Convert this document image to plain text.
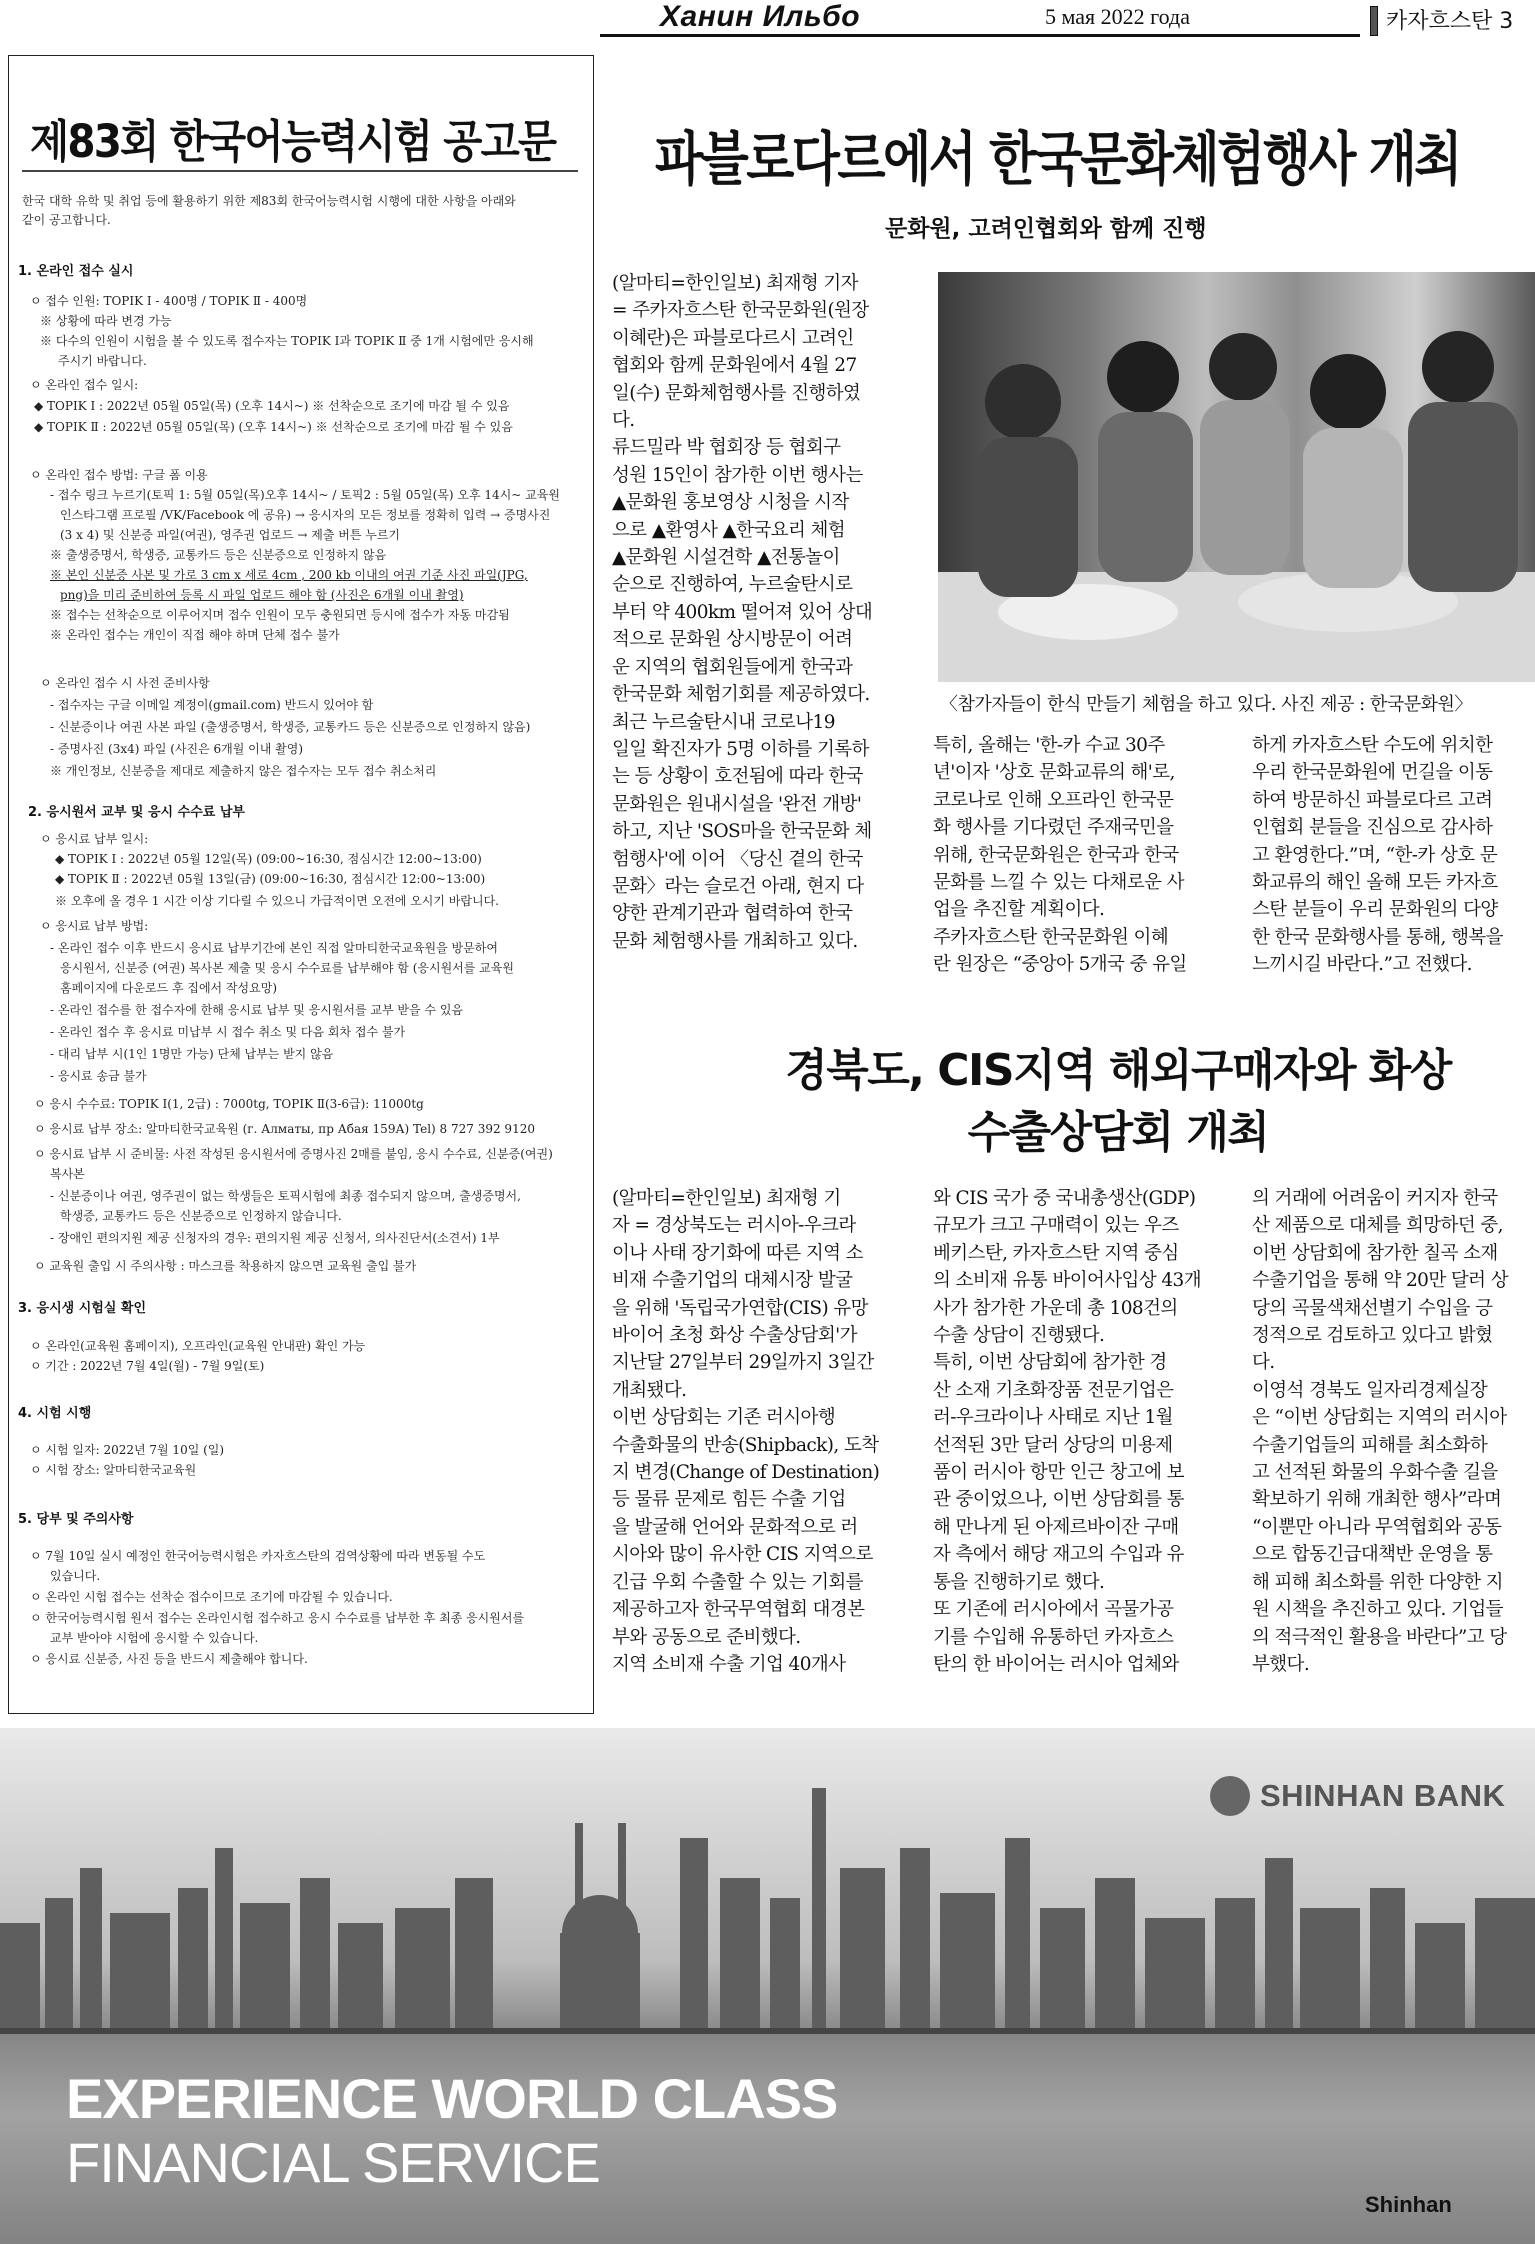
Ханин Ильбо	5 мая 2022 года	카자흐스탄 3
제83회 한국어능력시험 공고문
한국 대학 유학 및 취업 등에 활용하기 위한 제83회 한국어능력시험 시행에 대한 사항을 아래와
같이 공고합니다.
1. 온라인 접수 실시
ㅇ 접수 인원: TOPIK Ⅰ - 400명 / TOPIK Ⅱ - 400명
※ 상황에 따라 변경 가능
※ 다수의 인원이 시험을 볼 수 있도록 접수자는 TOPIK Ⅰ과 TOPIK Ⅱ 중 1개 시험에만 응시해
주시기 바랍니다.
ㅇ 온라인 접수 일시:
◆ TOPIK Ⅰ : 2022년 05월 05일(목) (오후 14시~) ※ 선착순으로 조기에 마감 될 수 있음
◆ TOPIK Ⅱ : 2022년 05월 05일(목) (오후 14시~) ※ 선착순으로 조기에 마감 될 수 있음
ㅇ 온라인 접수 방법: 구글 폼 이용
- 접수 링크 누르기(토픽 1: 5월 05일(목)오후 14시~ / 토픽2 : 5월 05일(목) 오후 14시~ 교육원
인스타그램 프로필 /VK/Facebook 에 공유) → 응시자의 모든 정보를 정확히 입력 → 증명사진
(3 x 4) 및 신분증 파일(여권), 영주권 업로드 → 제출 버튼 누르기
※ 출생증명서, 학생증, 교통카드 등은 신분증으로 인정하지 않음
※ 본인 신분증 사본 및 가로 3 cm x 세로 4cm , 200 kb 이내의 여권 기준 사진 파일(JPG,
png)을 미리 준비하여 등록 시 파일 업로드 해야 함 (사진은 6개월 이내 촬영)
※ 접수는 선착순으로 이루어지며 접수 인원이 모두 충원되면 등시에 접수가 자동 마감됨
※ 온라인 접수는 개인이 직접 해야 하며 단체 접수 불가
ㅇ 온라인 접수 시 사전 준비사항
- 접수자는 구글 이메일 계정이(gmail.com) 반드시 있어야 함
- 신분증이나 여권 사본 파일 (출생증명서, 학생증, 교통카드 등은 신분증으로 인정하지 않음)
- 증명사진 (3x4) 파일 (사진은 6개월 이내 촬영)
※ 개인정보, 신분증을 제대로 제출하지 않은 접수자는 모두 접수 취소처리
2. 응시원서 교부 및 응시 수수료 납부
ㅇ 응시료 납부 일시:
◆ TOPIK Ⅰ : 2022년 05월 12일(목) (09:00~16:30, 점심시간 12:00~13:00)
◆ TOPIK Ⅱ : 2022년 05월 13일(금) (09:00~16:30, 점심시간 12:00~13:00)
※ 오후에 올 경우 1 시간 이상 기다릴 수 있으니 가급적이면 오전에 오시기 바랍니다.
ㅇ 응시료 납부 방법:
- 온라인 접수 이후 반드시 응시료 납부기간에 본인 직접 알마티한국교육원을 방문하여
응시원서, 신분증 (여권) 복사본 제출 및 응시 수수료를 납부해야 함 (응시원서를 교육원
홈페이지에 다운로드 후 집에서 작성요망)
- 온라인 접수를 한 접수자에 한해 응시료 납부 및 응시원서를 교부 받을 수 있음
- 온라인 접수 후 응시료 미납부 시 접수 취소 및 다음 회차 접수 불가
- 대리 납부 시(1인 1명만 가능) 단체 납부는 받지 않음
- 응시료 송금 불가
ㅇ 응시 수수료: TOPIK Ⅰ(1, 2급) : 7000tg, TOPIK Ⅱ(3-6급): 11000tg
ㅇ 응시료 납부 장소: 알마티한국교육원 (г. Алматы, пр Абая 159А) Tel) 8 727 392 9120
ㅇ 응시료 납부 시 준비물: 사전 작성된 응시원서에 증명사진 2매를 붙임, 응시 수수료, 신분증(여권)
복사본
- 신분증이나 여권, 영주권이 없는 학생들은 토픽시험에 최종 접수되지 않으며, 출생증명서,
학생증, 교통카드 등은 신분증으로 인정하지 않습니다.
- 장애인 편의지원 제공 신청자의 경우: 편의지원 제공 신청서, 의사진단서(소견서) 1부
ㅇ 교육원 출입 시 주의사항 : 마스크를 착용하지 않으면 교육원 출입 불가
3. 응시생 시험실 확인
ㅇ 온라인(교육원 홈페이지), 오프라인(교육원 안내판) 확인 가능
ㅇ 기간 : 2022년 7월 4일(월) - 7월 9일(토)
4. 시험 시행
ㅇ 시험 일자: 2022년 7월 10일 (일)
ㅇ 시험 장소: 알마티한국교육원
5. 당부 및 주의사항
ㅇ 7월 10일 실시 예정인 한국어능력시험은 카자흐스탄의 검역상황에 따라 변동될 수도
있습니다.
ㅇ 온라인 시험 접수는 선착순 접수이므로 조기에 마감될 수 있습니다.
ㅇ 한국어능력시험 원서 접수는 온라인시험 접수하고 응시 수수료를 납부한 후 최종 응시원서를
교부 받아야 시험에 응시할 수 있습니다.
ㅇ 응시료 신분증, 사진 등을 반드시 제출해야 합니다.
파블로다르에서 한국문화체험행사 개최
문화원, 고려인협회와 함께 진행
(알마티=한인일보) 최재형 기자
= 주카자흐스탄 한국문화원(원장
이혜란)은 파블로다르시 고려인
협회와 함께 문화원에서 4월 27
일(수) 문화체험행사를 진행하였
다.
류드밀라 박 협회장 등 협회구
성원 15인이 참가한 이번 행사는
▲문화원 홍보영상 시청을 시작
으로 ▲환영사 ▲한국요리 체험
▲문화원 시설견학 ▲전통놀이
순으로 진행하여, 누르술탄시로
부터 약 400km 떨어져 있어 상대
적으로 문화원 상시방문이 어려
운 지역의 협회원들에게 한국과
한국문화 체험기회를 제공하였다.
최근 누르술탄시내 코로나19
일일 확진자가 5명 이하를 기록하
는 등 상황이 호전됨에 따라 한국
문화원은 원내시설을 '완전 개방'
하고, 지난 'SOS마을 한국문화 체
험행사'에 이어 〈당신 곁의 한국
문화〉라는 슬로건 아래, 현지 다
양한 관계기관과 협력하여 한국
문화 체험행사를 개최하고 있다.
〈참가자들이 한식 만들기 체험을 하고 있다. 사진 제공 : 한국문화원〉
특히, 올해는 '한-카 수교 30주
년'이자 '상호 문화교류의 해'로,
코로나로 인해 오프라인 한국문
화 행사를 기다렸던 주재국민을
위해, 한국문화원은 한국과 한국
문화를 느낄 수 있는 다채로운 사
업을 추진할 계획이다.
주카자흐스탄 한국문화원 이혜
란 원장은 “중앙아 5개국 중 유일
하게 카자흐스탄 수도에 위치한
우리 한국문화원에 먼길을 이동
하여 방문하신 파블로다르 고려
인협회 분들을 진심으로 감사하
고 환영한다.”며, “한-카 상호 문
화교류의 해인 올해 모든 카자흐
스탄 분들이 우리 문화원의 다양
한 한국 문화행사를 통해, 행복을
느끼시길 바란다.”고 전했다.
경북도, CIS지역 해외구매자와 화상
수출상담회 개최
(알마티=한인일보) 최재형 기
자 = 경상북도는 러시아-우크라
이나 사태 장기화에 따른 지역 소
비재 수출기업의 대체시장 발굴
을 위해 '독립국가연합(CIS) 유망
바이어 초청 화상 수출상담회'가
지난달 27일부터 29일까지 3일간
개최됐다.
이번 상담회는 기존 러시아행
수출화물의 반송(Shipback), 도착
지 변경(Change of Destination)
등 물류 문제로 힘든 수출 기업
을 발굴해 언어와 문화적으로 러
시아와 많이 유사한 CIS 지역으로
긴급 우회 수출할 수 있는 기회를
제공하고자 한국무역협회 대경본
부와 공동으로 준비했다.
지역 소비재 수출 기업 40개사
와 CIS 국가 중 국내총생산(GDP)
규모가 크고 구매력이 있는 우즈
베키스탄, 카자흐스탄 지역 중심
의 소비재 유통 바이어사입상 43개
사가 참가한 가운데 총 108건의
수출 상담이 진행됐다.
특히, 이번 상담회에 참가한 경
산 소재 기초화장품 전문기업은
러-우크라이나 사태로 지난 1월
선적된 3만 달러 상당의 미용제
품이 러시아 항만 인근 창고에 보
관 중이었으나, 이번 상담회를 통
해 만나게 된 아제르바이잔 구매
자 측에서 해당 재고의 수입과 유
통을 진행하기로 했다.
또 기존에 러시아에서 곡물가공
기를 수입해 유통하던 카자흐스
탄의 한 바이어는 러시아 업체와
의 거래에 어려움이 커지자 한국
산 제품으로 대체를 희망하던 중,
이번 상담회에 참가한 칠곡 소재
수출기업을 통해 약 20만 달러 상
당의 곡물색채선별기 수입을 긍
정적으로 검토하고 있다고 밝혔
다.
이영석 경북도 일자리경제실장
은 “이번 상담회는 지역의 러시아
수출기업들의 피해를 최소화하
고 선적된 화물의 우화수출 길을
확보하기 위해 개최한 행사”라며
“이뿐만 아니라 무역협회와 공동
으로 합동긴급대책반 운영을 통
해 피해 최소화를 위한 다양한 지
원 시책을 추진하고 있다. 기업들
의 적극적인 활용을 바란다”고 당
부했다.
SHINHAN BANK
EXPERIENCE WORLD CLASS
FINANCIAL SERVICE
Shinhan
